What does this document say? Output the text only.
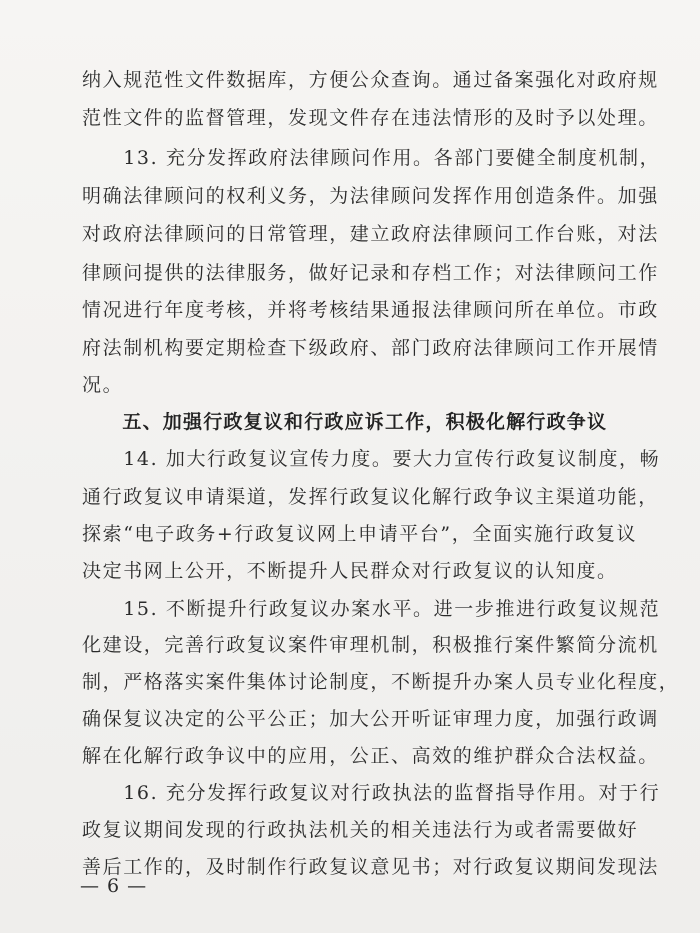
纳入规范性文件数据库，方便公众查询。通过备案强化对政府规
范性文件的监督管理，发现文件存在违法情形的及时予以处理。
　　13. 充分发挥政府法律顾问作用。各部门要健全制度机制，
明确法律顾问的权利义务，为法律顾问发挥作用创造条件。加强
对政府法律顾问的日常管理，建立政府法律顾问工作台账，对法
律顾问提供的法律服务，做好记录和存档工作；对法律顾问工作
情况进行年度考核，并将考核结果通报法律顾问所在单位。市政
府法制机构要定期检查下级政府、部门政府法律顾问工作开展情
况。
　　五、加强行政复议和行政应诉工作，积极化解行政争议
　　14. 加大行政复议宣传力度。要大力宣传行政复议制度，畅
通行政复议申请渠道，发挥行政复议化解行政争议主渠道功能，
探索“电子政务+行政复议网上申请平台”，全面实施行政复议
决定书网上公开，不断提升人民群众对行政复议的认知度。
　　15. 不断提升行政复议办案水平。进一步推进行政复议规范
化建设，完善行政复议案件审理机制，积极推行案件繁简分流机
制，严格落实案件集体讨论制度，不断提升办案人员专业化程度，
确保复议决定的公平公正；加大公开听证审理力度，加强行政调
解在化解行政争议中的应用，公正、高效的维护群众合法权益。
　　16. 充分发挥行政复议对行政执法的监督指导作用。对于行
政复议期间发现的行政执法机关的相关违法行为或者需要做好
善后工作的，及时制作行政复议意见书；对行政复议期间发现法
— 6 —
